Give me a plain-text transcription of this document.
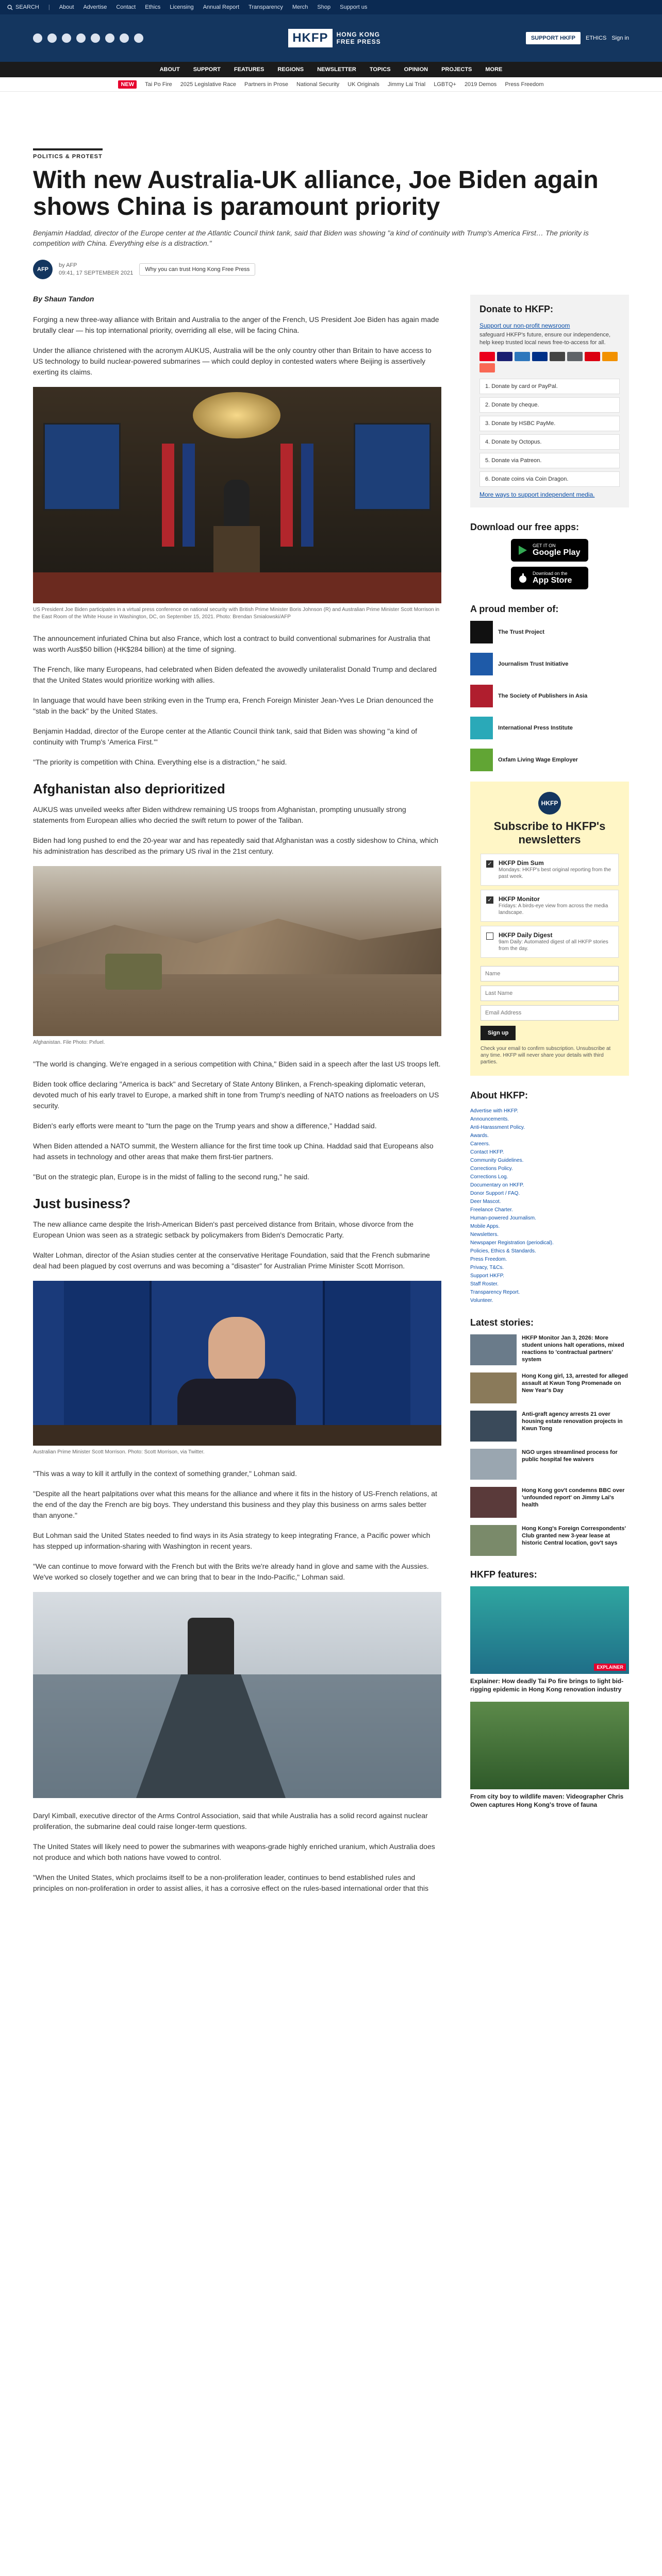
SEARCH | About Advertise Contact Ethics Licensing Annual Report Transparency Merch Shop Support us
HKFP	HONG KONG
FREE PRESS	SUPPORT HKFP	ETHICS Sign in
ABOUT SUPPORT FEATURES REGIONS NEWSLETTER TOPICS OPINION PROJECTS MORE
NEW	Tai Po Fire 2025 Legislative Race Partners in Prose National Security UK Originals Jimmy Lai Trial LGBTQ+ 2019 Demos Press Freedom
POLITICS & PROTEST
With new Australia-UK alliance, Joe Biden again shows China is paramount priority

Benjamin Haddad, director of the Europe center at the Atlantic Council think tank, said that Biden was showing "a kind of continuity with Trump's America First… The priority is competition with China. Everything else is a distraction."

AFP
by AFP
09:41, 17 SEPTEMBER 2021
Why you can trust Hong Kong Free Press
By Shaun Tandon

Forging a new three-way alliance with Britain and Australia to the anger of the French, US President Joe Biden has again made brutally clear — his top international priority, overriding all else, will be facing China.

Under the alliance christened with the acronym AUKUS, Australia will be the only country other than Britain to have access to US technology to build nuclear-powered submarines — which could deploy in contested waters where Beijing is assertively exerting its claims.

US President Joe Biden participates in a virtual press conference on national security with British Prime Minister Boris Johnson (R) and Australian Prime Minister Scott Morrison in the East Room of the White House in Washington, DC, on September 15, 2021. Photo: Brendan Smialowski/AFP

The announcement infuriated China but also France, which lost a contract to build conventional submarines for Australia that was worth Aus$50 billion (HK$284 billion) at the time of signing.

The French, like many Europeans, had celebrated when Biden defeated the avowedly unilateralist Donald Trump and declared that the United States would prioritize working with allies.

In language that would have been striking even in the Trump era, French Foreign Minister Jean-Yves Le Drian denounced the "stab in the back" by the United States.

Benjamin Haddad, director of the Europe center at the Atlantic Council think tank, said that Biden was showing "a kind of continuity with Trump's 'America First.'"

"The priority is competition with China. Everything else is a distraction," he said.

Afghanistan also deprioritized

AUKUS was unveiled weeks after Biden withdrew remaining US troops from Afghanistan, prompting unusually strong statements from European allies who decried the swift return to power of the Taliban.

Biden had long pushed to end the 20-year war and has repeatedly said that Afghanistan was a costly sideshow to China, which his administration has described as the primary US rival in the 21st century.

Afghanistan. File Photo: Pxfuel.

"The world is changing. We're engaged in a serious competition with China," Biden said in a speech after the last US troops left.

Biden took office declaring "America is back" and Secretary of State Antony Blinken, a French-speaking diplomatic veteran, devoted much of his early travel to Europe, a marked shift in tone from Trump's needling of NATO nations as freeloaders on US security.

Biden's early efforts were meant to "turn the page on the Trump years and show a difference," Haddad said.

When Biden attended a NATO summit, the Western alliance for the first time took up China. Haddad said that Europeans also had assets in technology and other areas that make them first-tier partners.

"But on the strategic plan, Europe is in the midst of falling to the second rung," he said.

Just business?

The new alliance came despite the Irish-American Biden's past perceived distance from Britain, whose divorce from the European Union was seen as a strategic setback by policymakers from Biden's Democratic Party.

Walter Lohman, director of the Asian studies center at the conservative Heritage Foundation, said that the French submarine deal had been plagued by cost overruns and was becoming a "disaster" for Australian Prime Minister Scott Morrison.

Australian Prime Minister Scott Morrison. Photo: Scott Morrison, via Twitter.

"This was a way to kill it artfully in the context of something grander," Lohman said.

"Despite all the heart palpitations over what this means for the alliance and where it fits in the history of US-French relations, at the end of the day the French are big boys. They understand this business and they play this business on arms sales better than anyone."

But Lohman said the United States needed to find ways in its Asia strategy to keep integrating France, a Pacific power which has stepped up information-sharing with Washington in recent years.

"We can continue to move forward with the French but with the Brits we're already hand in glove and same with the Aussies. We've worked so closely together and we can bring that to bear in the Indo-Pacific," Lohman said.

Daryl Kimball, executive director of the Arms Control Association, said that while Australia has a solid record against nuclear proliferation, the submarine deal could raise longer-term questions.

The United States will likely need to power the submarines with weapons-grade highly enriched uranium, which Australia does not produce and which both nations have vowed to control.

"When the United States, which proclaims itself to be a non-proliferation leader, continues to bend established rules and principles on non-proliferation in order to assist allies, it has a corrosive effect on the rules-based international order that this

Donate to HKFP:
Support our non-profit newsroom

safeguard HKFP's future, ensure our independence, help keep trusted local news free-to-access for all.

1. Donate by card or PayPal.
2. Donate by cheque.
3. Donate by HSBC PayMe.
4. Donate by Octopus.
5. Donate via Patreon.
6. Donate coins via Coin Dragon.
More ways to support independent media.
Download our free apps:
GET IT ON
Google Play
Download on the
App Store
A proud member of:
The Trust Project
Journalism Trust Initiative
The Society of Publishers in Asia
International Press Institute
Oxfam Living Wage Employer
HKFP
Subscribe to HKFP's newsletters
✓ HKFP Dim Sum
Mondays: HKFP's best original reporting from the past week.
✓ HKFP Monitor
Fridays: A birds-eye view from across the media landscape.
HKFP Daily Digest
9am Daily: Automated digest of all HKFP stories from the day.
Name Last Name Email Address Sign up

Check your email to confirm subscription. Unsubscribe at any time. HKFP will never share your details with third parties.

About HKFP:
Advertise with HKFP.
Announcements.
Anti-Harassment Policy.
Awards.
Careers.
Contact HKFP.
Community Guidelines.
Corrections Policy.
Corrections Log.
Documentary on HKFP.
Donor Support / FAQ.
Deer Mascot.
Freelance Charter.
Human-powered Journalism.
Mobile Apps.
Newsletters.
Newspaper Registration (periodical).
Policies, Ethics & Standards.
Press Freedom.
Privacy, T&Cs.
Support HKFP.
Staff Roster.
Transparency Report.
Volunteer.
Latest stories:
HKFP Monitor Jan 3, 2026: More student unions halt operations, mixed reactions to 'contractual partners' system
Hong Kong girl, 13, arrested for alleged assault at Kwun Tong Promenade on New Year's Day
Anti-graft agency arrests 21 over housing estate renovation projects in Kwun Tong
NGO urges streamlined process for public hospital fee waivers
Hong Kong gov't condemns BBC over 'unfounded report' on Jimmy Lai's health
Hong Kong's Foreign Correspondents' Club granted new 3-year lease at historic Central location, gov't says
HKFP features:
EXPLAINER
Explainer: How deadly Tai Po fire brings to light bid-rigging epidemic in Hong Kong renovation industry
From city boy to wildlife maven: Videographer Chris Owen captures Hong Kong's trove of fauna
